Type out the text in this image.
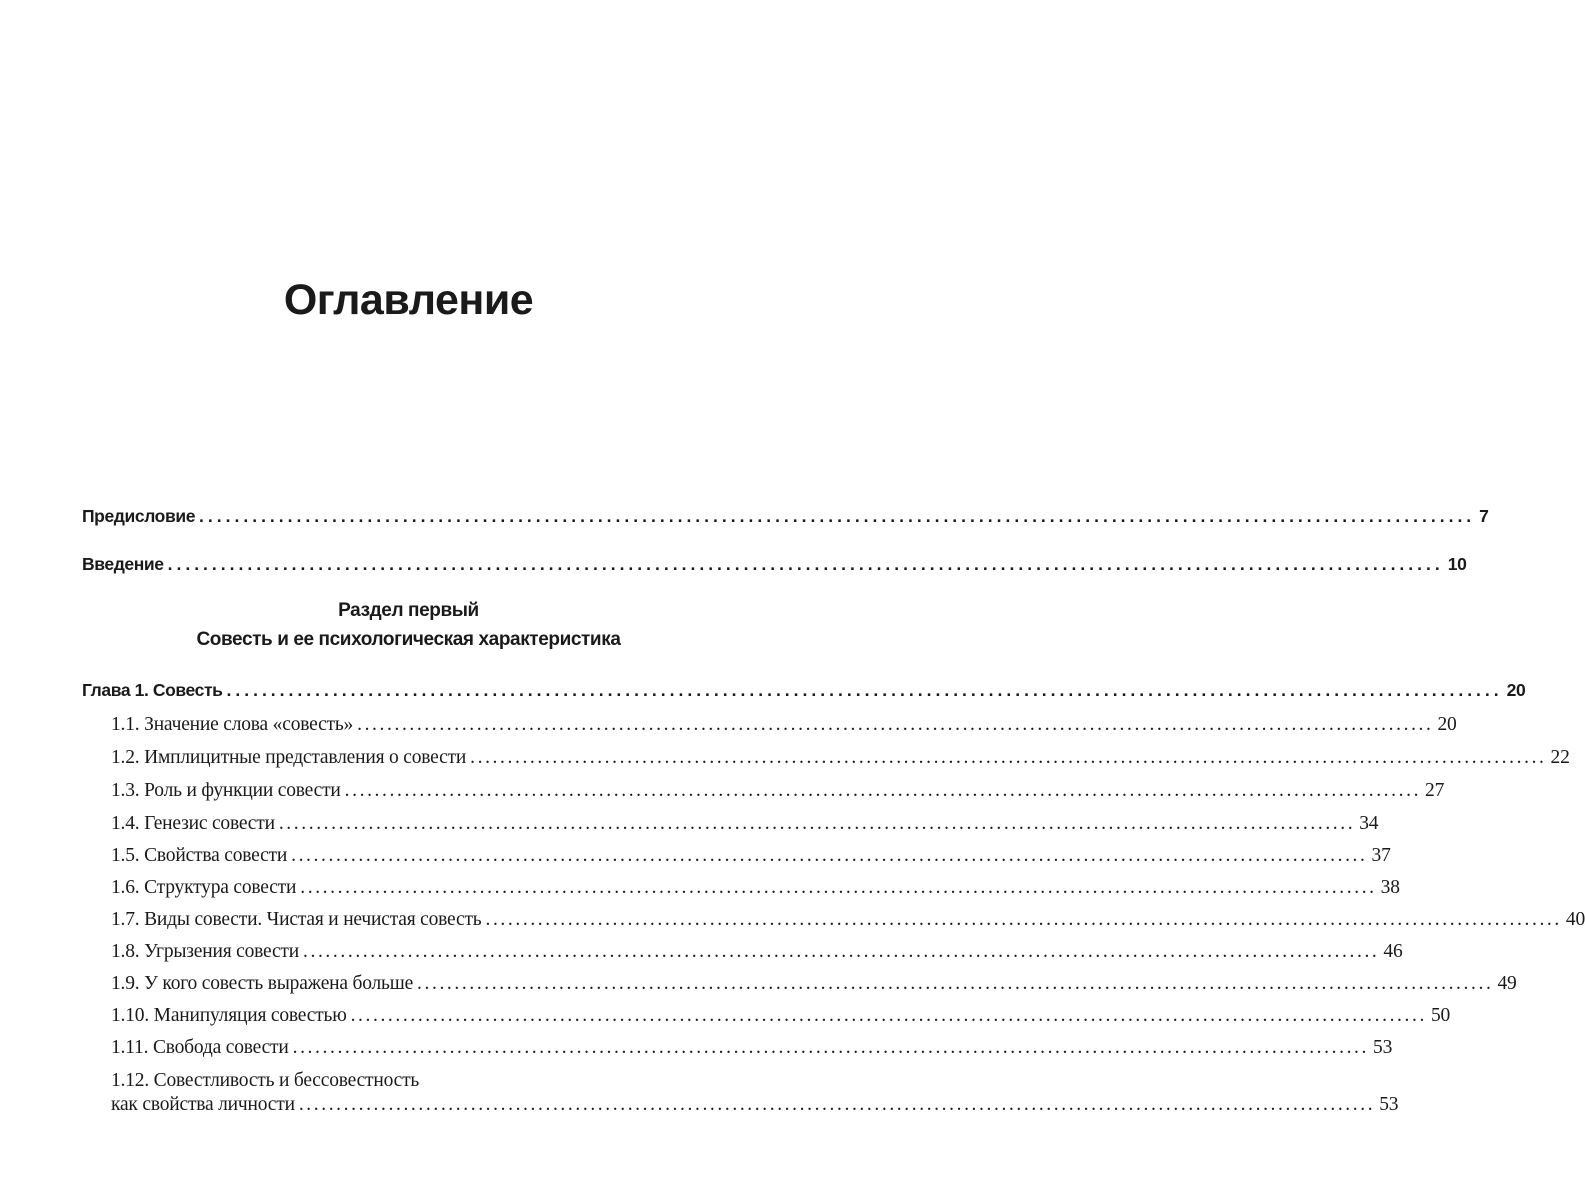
Оглавление
Предисловие ................................................................................................................................................ 7
Введение ................................................................................................................................................ 10
Раздел первый
Совесть и ее психологическая характеристика
Глава 1. Совесть ................................................................................................................................................ 20
1.1. Значение слова «совесть» ................................................................................................................................................ 20
1.2. Имплицитные представления о совести ................................................................................................................................................ 22
1.3. Роль и функции совести ................................................................................................................................................ 27
1.4. Генезис совести ................................................................................................................................................ 34
1.5. Свойства совести ................................................................................................................................................ 37
1.6. Структура совести ................................................................................................................................................ 38
1.7. Виды совести. Чистая и нечистая совесть ................................................................................................................................................ 40
1.8. Угрызения совести ................................................................................................................................................ 46
1.9. У кого совесть выражена больше ................................................................................................................................................ 49
1.10. Манипуляция совестью ................................................................................................................................................ 50
1.11. Свобода совести ................................................................................................................................................ 53
1.12. Совестливость и бессовестность
как свойства личности ................................................................................................................................................ 53
